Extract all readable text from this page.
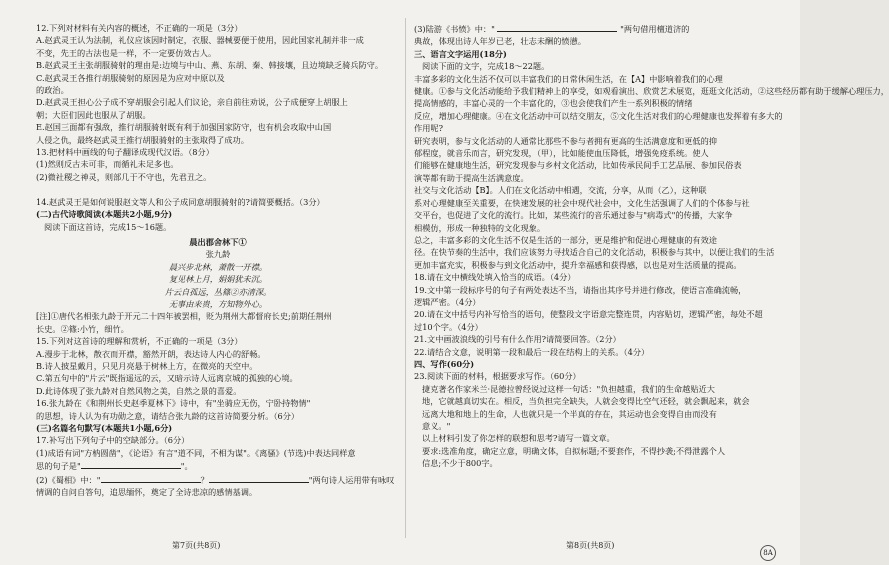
12.下列对材料有关内容的概述，不正确的一项是（3分）
A.赵武灵王认为法制，礼仪应该因时制定，衣服、器械要便于使用，因此国家礼制并非一成
不变，先王的古法也是一样，不一定要仿效古人。
B.赵武灵王主张胡服骑射的理由是:边境与中山、燕、东胡、秦、韩接壤，且边境缺乏骑兵防守。
C.赵武灵王各推行胡服骑射的原因是为应对中原以及
的政治。
D.赵武灵王担心公子成不穿胡服会引起人们议论，亲自前往劝说，公子成便穿上胡服上
朝；大臣们因此也服从了胡服。
E.赵国三面都有强敌，推行胡服骑射既有利于加强国家防守，也有机会攻取中山国
人侵之仇，最终赵武灵王推行胡服骑射的主张取得了成功。
13.把材料中画线的句子翻译成现代汉语。（8分）
(1)然则反古未可非，而循礼未足多也。
(2)微社稷之神灵，则部几于不守也，先君丑之。

14.赵武灵王是如何说服赵文等人和公子成同意胡服骑射的?请简要概括。（3分）
(二)古代诗歌阅读(本题共2小题,9分)
阅读下面这首诗，完成15～16题。
晨出郡舍林下①
张九龄
晨兴步北林，萧散一开襟。
复见林上月，娟娟犹未沉。
片云自孤远，丛篠②亦清深。
无事由来贵，方知物外心。
[注]①唐代名相张九龄于开元二十四年被罢相，贬为荆州大都督府长史;前期任荆州
长史。②篠:小竹，细竹。
15.下列对这首诗的理解和赏析，不正确的一项是（3分）
A.漫步于北林，散衣而开襟，豁然开朗，表达诗人内心的舒畅。
B.诗人披星戴月，只见月亮悬于树林上方，在微亮的天空中。
C.第五句中的"片云"既指遥远的云，又暗示诗人远离京城的孤独的心境。
D.此诗体现了张九龄对自然风物之美，自然之景的喜爱。
16.张九龄在《和荆州长史赵季夏林下》诗中，有"坐骑应无伤，宁卧持物情"
的思想，诗人认为有功勋之意，请结合张九龄的这首诗简要分析。（6分）
(三)名篇名句默写(本题共1小题,6分)
17.补写出下列句子中的空缺部分。（6分）
(1)成语有词"方枘圆凿"，《论语》有言"道不同，不相为谋"。《离骚》(节选)中表达同样意
思的句子是"	"。
(2)《蜀相》中："	？	"两句诗人运用带有咏叹
情调的自问自答句，追思缅怀，奠定了全诗悲凉的感情基调。
(3)陆游《书愤》中："	"两句借用檀道济的
典故，体现出诗人年岁已老，壮志未酬的愤懑。
三、语言文字运用(18分)
阅读下面的文字，完成18～22题。
丰富多彩的文化生活不仅可以丰富我们的日常休闲生活，在【A】中影响着我们的心理
健康。①参与文化活动能给予我们精神上的享受，如观看演出、欣赏艺术展览，逛逛文化活动，②这些经历都有助于缓解心理压力，
提高情感的，丰富心灵的一个丰富化的，③也会使我们产生一系列积极的情绪
反应，增加心理健康。④在文化活动中可以结交朋友，⑤文化生活对我们的心理健康也发挥着有多大的
作用呢?
研究表明，参与文化活动的人通常比那些不参与者拥有更高的生活满意度和更低的抑
郁程度，就音乐而言，研究发现，（甲），比如能使血压降低，增强免疫系统。使人
们能够在健康地生活，研究发现参与乡村文化活动，比如传承民间手工艺品展、参加民俗表
演等都有助于提高生活满意度。
社交与文化活动【B】。人们在文化活动中相遇，交流，分享，从而（乙），这种联
系对心理健康至关重要，在快速发展的社会中现代社会中，文化生活强调了人们的个体参与社
交平台，也促进了文化的流行。比如，某些流行的音乐通过参与"病毒式"的传播，大家争
相模仿，形成一种独特的文化现象。
总之，丰富多彩的文化生活不仅是生活的一部分，更是维护和促进心理健康的有效途
径。在快节奏的生活中，我们应该努力寻找适合自己的文化活动，积极参与其中，以便让我们的生活
更加丰富充实，积极参与到文化活动中，提升幸福感和获得感，以也是对生活质量的提高。
18.请在文中横线处填入恰当的成语。（4分）
19.文中第一段标序号的句子有两处表达不当，请指出其序号并进行修改，使语言准确流畅，
逻辑严密。（4分）
20.请在文中括号内补写恰当的语句，使整段文字语意完整连贯，内容贴切，逻辑严密，每处不超
过10个字。（4分）
21.文中画波浪线的引号有什么作用?请简要回答。（2分）
22.请结合文意，说明第一段和最后一段在结构上的关系。（4分）
四、写作(60分)
23.阅读下面的材料，根据要求写作。（60分）
捷克著名作家米兰·昆德拉曾经说过这样一句话："负担越重，我们的生命越贴近大
地，它就越真切实在。相反，当负担完全缺失，人就会变得比空气还轻，就会飘起来，就会
远离大地和地上的生命，人也就只是一个半真的存在，其运动也会变得自由而没有
意义。"
以上材料引发了你怎样的联想和思考?请写一篇文章。
要求:选准角度，确定立意，明确文体，自拟标题;不要套作，不得抄袭;不得泄露个人
信息;不少于800字。
第7页(共8页)	第8页(共8页)
8A
